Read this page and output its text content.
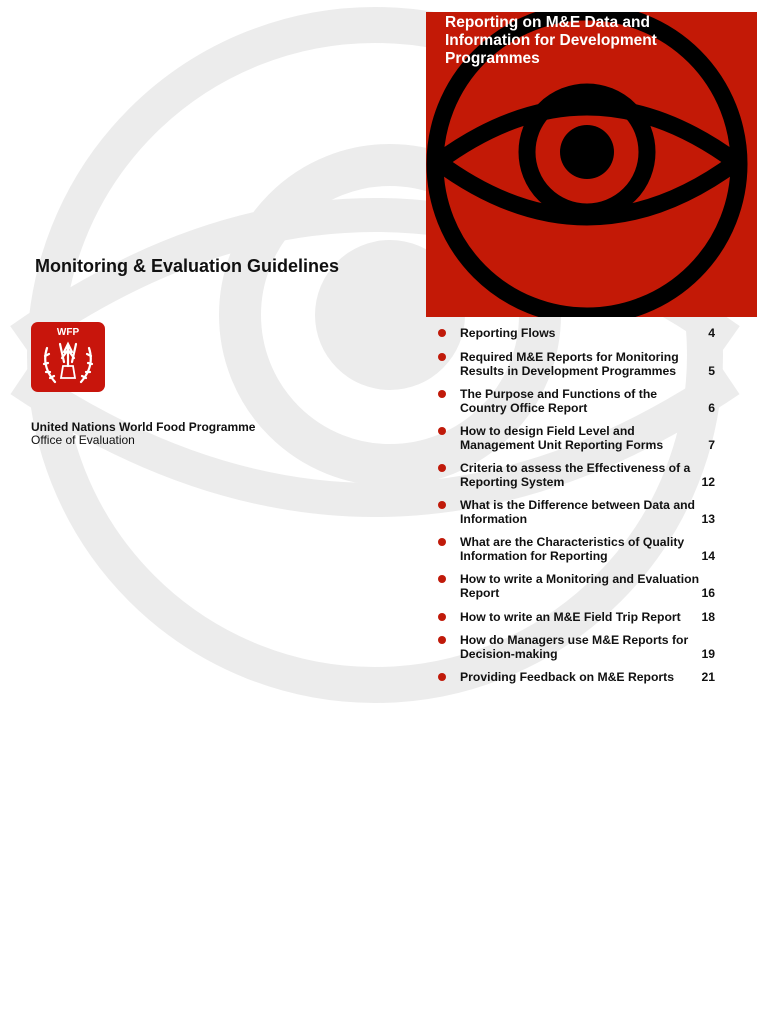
Monitoring & Evaluation Guidelines
WFP
United Nations World Food Programme
Office of Evaluation
Reporting on M&E Data and
Information for Development
Programmes
Reporting Flows	4
Required M&E Reports for Monitoring
Results in Development Programmes	5
The Purpose and Functions of the
Country Office Report	6
How to design Field Level and
Management Unit Reporting Forms	7
Criteria to assess the Effectiveness of a
Reporting System	12
What is the Difference between Data and
Information	13
What are the Characteristics of Quality
Information for Reporting	14
How to write a Monitoring and Evaluation
Report	16
How to write an M&E Field Trip Report	18
How do Managers use M&E Reports for
Decision-making	19
Providing Feedback on M&E Reports	21
